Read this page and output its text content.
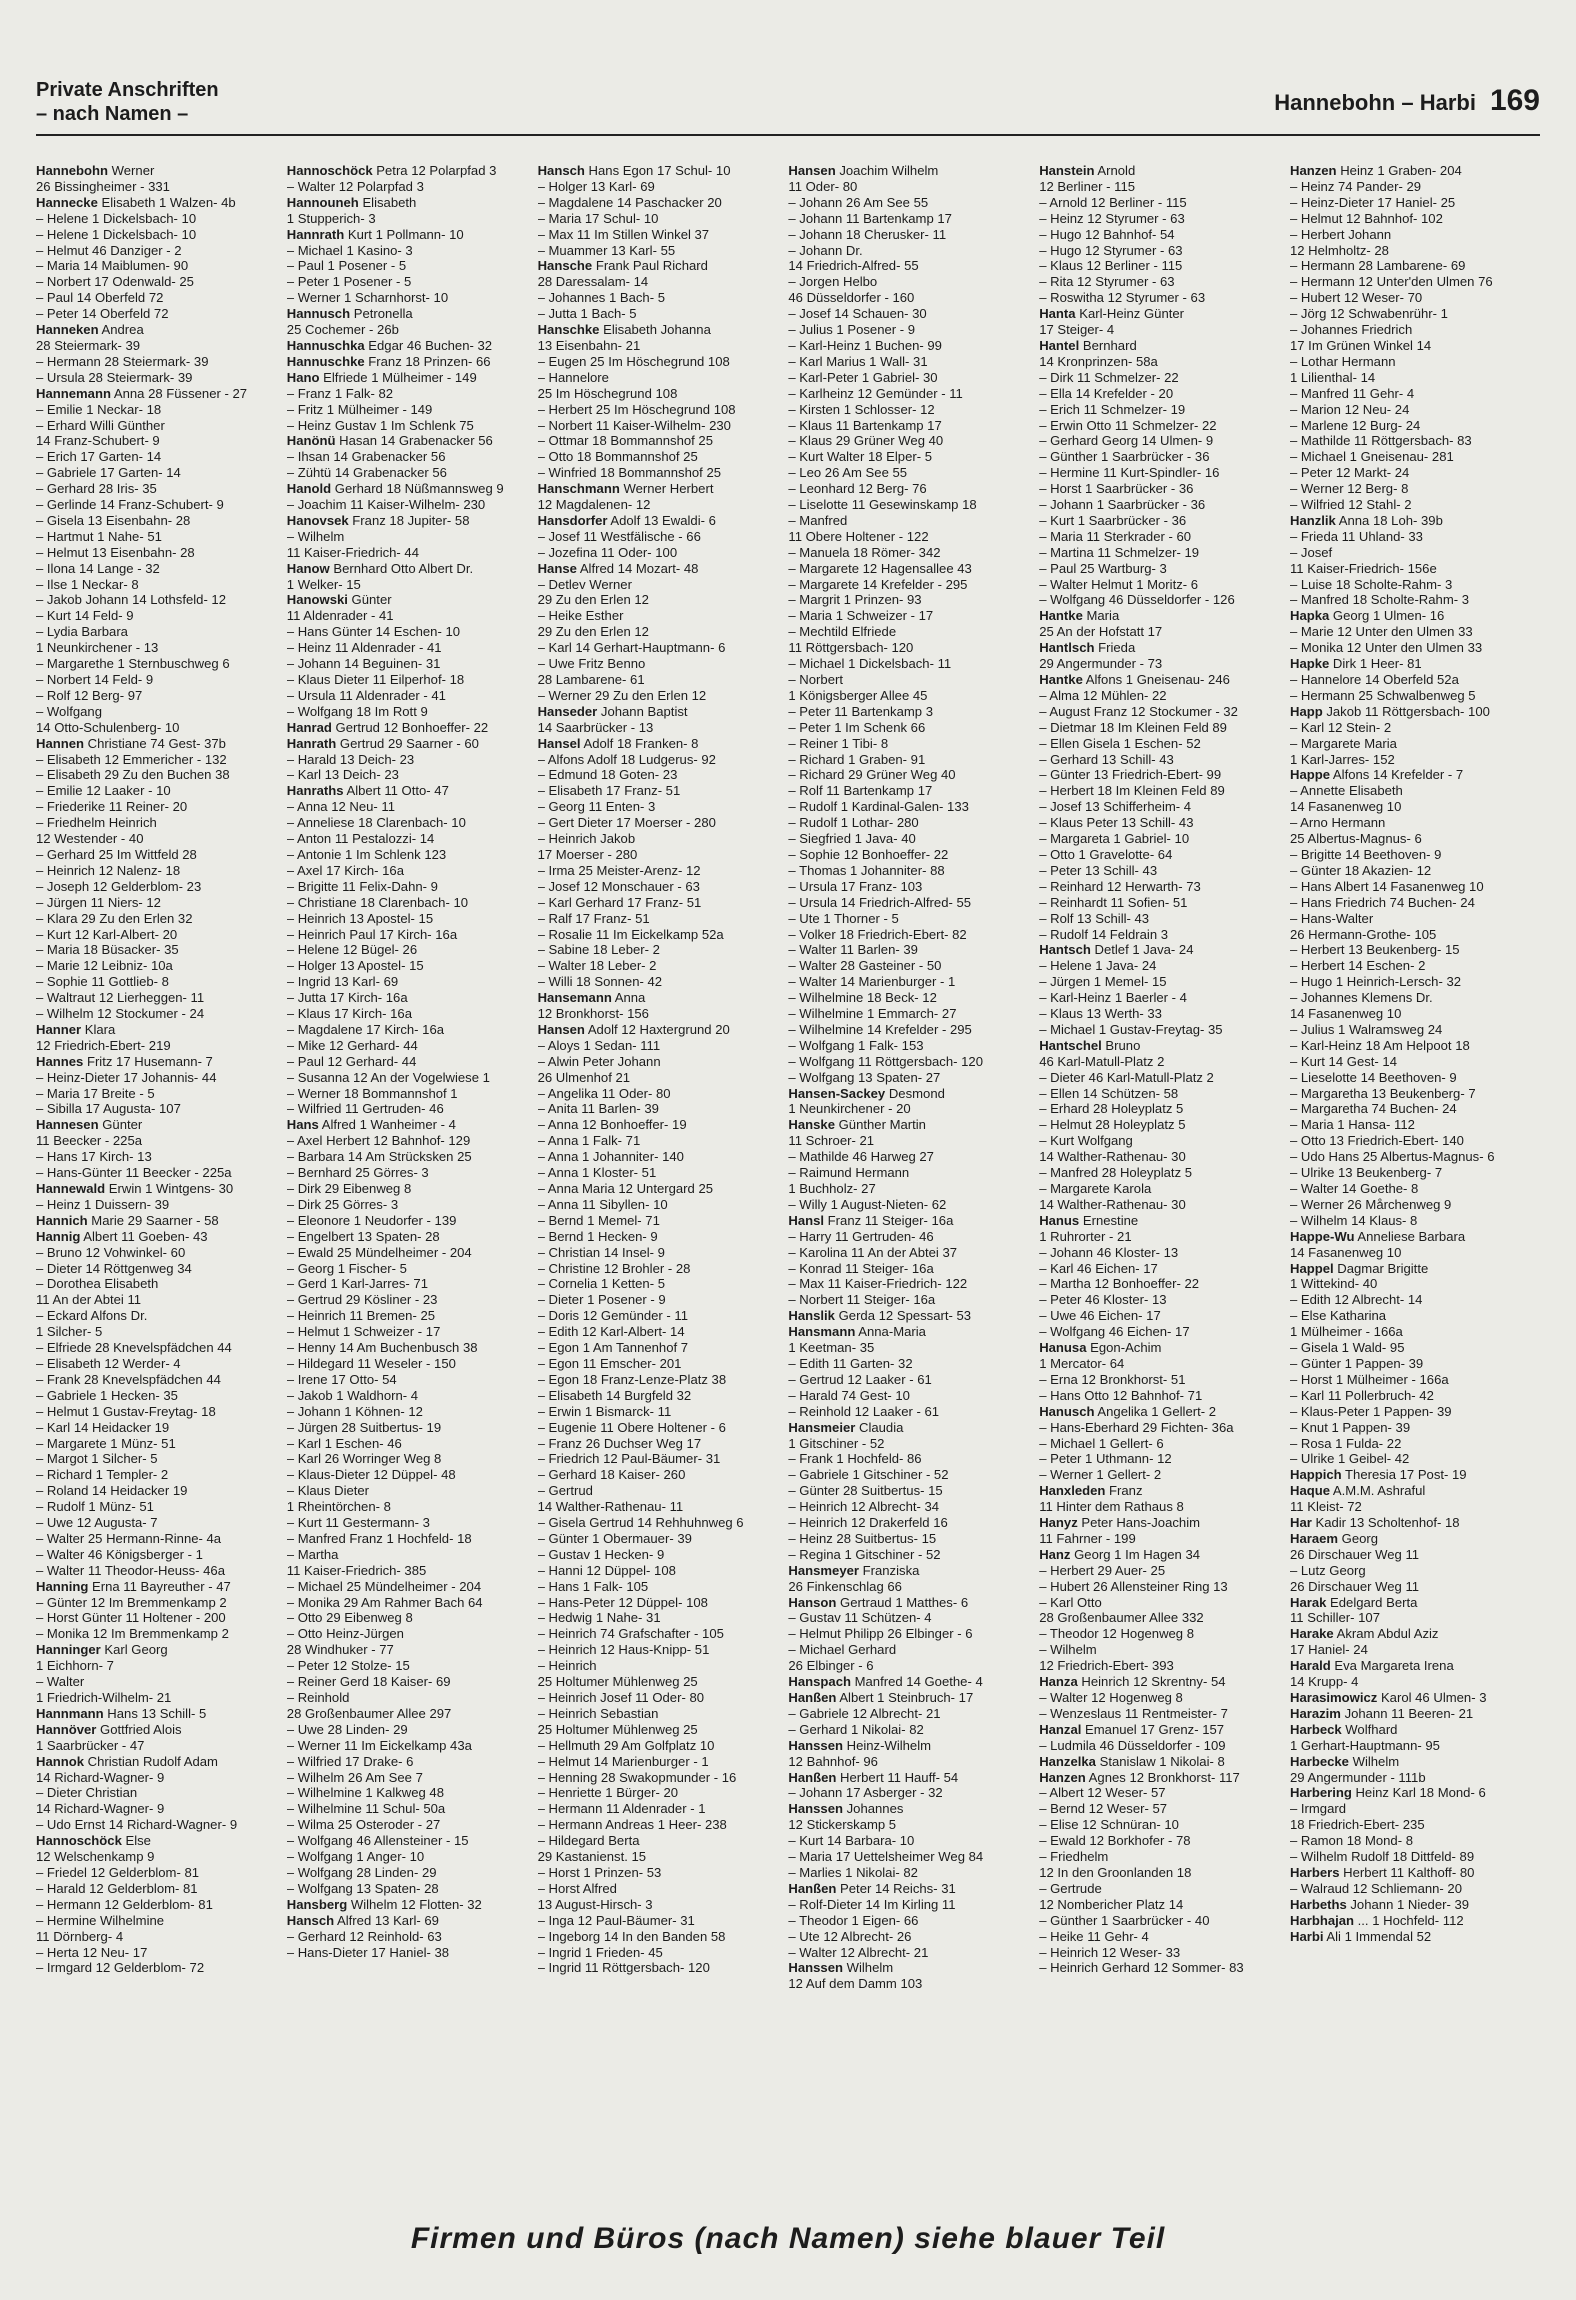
Private Anschriften
– nach Namen –	Hannebohn – Harbi 169
Hannebohn Werner
26 Bissingheimer - 331
Hannecke Elisabeth 1 Walzen- 4b
– Helene 1 Dickelsbach- 10
– Helene 1 Dickelsbach- 10
– Helmut 46 Danziger - 2
– Maria 14 Maiblumen- 90
– Norbert 17 Odenwald- 25
– Paul 14 Oberfeld 72
– Peter 14 Oberfeld 72
Hanneken Andrea
28 Steiermark- 39
– Hermann 28 Steiermark- 39
– Ursula 28 Steiermark- 39
Hannemann Anna 28 Füssener - 27
– Emilie 1 Neckar- 18
– Erhard Willi Günther
14 Franz-Schubert- 9
– Erich 17 Garten- 14
– Gabriele 17 Garten- 14
– Gerhard 28 Iris- 35
– Gerlinde 14 Franz-Schubert- 9
– Gisela 13 Eisenbahn- 28
– Hartmut 1 Nahe- 51
– Helmut 13 Eisenbahn- 28
– Ilona 14 Lange - 32
– Ilse 1 Neckar- 8
– Jakob Johann 14 Lothsfeld- 12
– Kurt 14 Feld- 9
– Lydia Barbara
1 Neunkirchener - 13
– Margarethe 1 Sternbuschweg 6
– Norbert 14 Feld- 9
– Rolf 12 Berg- 97
– Wolfgang
14 Otto-Schulenberg- 10
Hannen Christiane 74 Gest- 37b
– Elisabeth 12 Emmericher - 132
– Elisabeth 29 Zu den Buchen 38
– Emilie 12 Laaker - 10
– Friederike 11 Reiner- 20
– Friedhelm Heinrich
12 Westender - 40
– Gerhard 25 Im Wittfeld 28
– Heinrich 12 Nalenz- 18
– Joseph 12 Gelderblom- 23
– Jürgen 11 Niers- 12
– Klara 29 Zu den Erlen 32
– Kurt 12 Karl-Albert- 20
– Maria 18 Büsacker- 35
– Marie 12 Leibniz- 10a
– Sophie 11 Gottlieb- 8
– Waltraut 12 Lierheggen- 11
– Wilhelm 12 Stockumer - 24
Hanner Klara
12 Friedrich-Ebert- 219
Hannes Fritz 17 Husemann- 7
– Heinz-Dieter 17 Johannis- 44
– Maria 17 Breite - 5
– Sibilla 17 Augusta- 107
Hannesen Günter
11 Beecker - 225a
– Hans 17 Kirch- 13
– Hans-Günter 11 Beecker - 225a
Hannewald Erwin 1 Wintgens- 30
– Heinz 1 Duissern- 39
Hannich Marie 29 Saarner - 58
Hannig Albert 11 Goeben- 43
– Bruno 12 Vohwinkel- 60
– Dieter 14 Röttgenweg 34
– Dorothea Elisabeth
11 An der Abtei 11
– Eckard Alfons Dr.
1 Silcher- 5
– Elfriede 28 Knevelspfädchen 44
– Elisabeth 12 Werder- 4
– Frank 28 Knevelspfädchen 44
– Gabriele 1 Hecken- 35
– Helmut 1 Gustav-Freytag- 18
– Karl 14 Heidacker 19
– Margarete 1 Münz- 51
– Margot 1 Silcher- 5
– Richard 1 Templer- 2
– Roland 14 Heidacker 19
– Rudolf 1 Münz- 51
– Uwe 12 Augusta- 7
– Walter 25 Hermann-Rinne- 4a
– Walter 46 Königsberger - 1
– Walter 11 Theodor-Heuss- 46a
Hanning Erna 11 Bayreuther - 47
– Günter 12 Im Bremmenkamp 2
– Horst Günter 11 Holtener - 200
– Monika 12 Im Bremmenkamp 2
Hanninger Karl Georg
1 Eichhorn- 7
– Walter
1 Friedrich-Wilhelm- 21
Hannmann Hans 13 Schill- 5
Hannöver Gottfried Alois
1 Saarbrücker - 47
Hannok Christian Rudolf Adam
14 Richard-Wagner- 9
– Dieter Christian
14 Richard-Wagner- 9
– Udo Ernst 14 Richard-Wagner- 9
Hannoschöck Else
12 Welschenkamp 9
– Friedel 12 Gelderblom- 81
– Harald 12 Gelderblom- 81
– Hermann 12 Gelderblom- 81
– Hermine Wilhelmine
11 Dörnberg- 4
– Herta 12 Neu- 17
– Irmgard 12 Gelderblom- 72
Hannoschöck Petra 12 Polarpfad 3
– Walter 12 Polarpfad 3
Hannouneh Elisabeth
1 Stupperich- 3
Hannrath Kurt 1 Pollmann- 10
– Michael 1 Kasino- 3
– Paul 1 Posener - 5
– Peter 1 Posener - 5
– Werner 1 Scharnhorst- 10
Hannusch Petronella
25 Cochemer - 26b
Hannuschka Edgar 46 Buchen- 32
Hannuschke Franz 18 Prinzen- 66
Hano Elfriede 1 Mülheimer - 149
– Franz 1 Falk- 82
– Fritz 1 Mülheimer - 149
– Heinz Gustav 1 Im Schlenk 75
Hanönü Hasan 14 Grabenacker 56
– Ihsan 14 Grabenacker 56
– Zühtü 14 Grabenacker 56
Hanold Gerhard 18 Nüßmannsweg 9
– Joachim 11 Kaiser-Wilhelm- 230
Hanovsek Franz 18 Jupiter- 58
– Wilhelm
11 Kaiser-Friedrich- 44
Hanow Bernhard Otto Albert Dr.
1 Welker- 15
Hanowski Günter
11 Aldenrader - 41
– Hans Günter 14 Eschen- 10
– Heinz 11 Aldenrader - 41
– Johann 14 Beguinen- 31
– Klaus Dieter 11 Eilperhof- 18
– Ursula 11 Aldenrader - 41
– Wolfgang 18 Im Rott 9
Hanrad Gertrud 12 Bonhoeffer- 22
Hanrath Gertrud 29 Saarner - 60
– Harald 13 Deich- 23
– Karl 13 Deich- 23
Hanraths Albert 11 Otto- 47
– Anna 12 Neu- 11
– Anneliese 18 Clarenbach- 10
– Anton 11 Pestalozzi- 14
– Antonie 1 Im Schlenk 123
– Axel 17 Kirch- 16a
– Brigitte 11 Felix-Dahn- 9
– Christiane 18 Clarenbach- 10
– Heinrich 13 Apostel- 15
– Heinrich Paul 17 Kirch- 16a
– Helene 12 Bügel- 26
– Holger 13 Apostel- 15
– Ingrid 13 Karl- 69
– Jutta 17 Kirch- 16a
– Klaus 17 Kirch- 16a
– Magdalene 17 Kirch- 16a
– Mike 12 Gerhard- 44
– Paul 12 Gerhard- 44
– Susanna 12 An der Vogelwiese 1
– Werner 18 Bommannshof 1
– Wilfried 11 Gertruden- 46
Hans Alfred 1 Wanheimer - 4
– Axel Herbert 12 Bahnhof- 129
– Barbara 14 Am Strücksken 25
– Bernhard 25 Görres- 3
– Dirk 29 Eibenweg 8
– Dirk 25 Görres- 3
– Eleonore 1 Neudorfer - 139
– Engelbert 13 Spaten- 28
– Ewald 25 Mündelheimer - 204
– Georg 1 Fischer- 5
– Gerd 1 Karl-Jarres- 71
– Gertrud 29 Kösliner - 23
– Heinrich 11 Bremen- 25
– Helmut 1 Schweizer - 17
– Henny 14 Am Buchenbusch 38
– Hildegard 11 Weseler - 150
– Irene 17 Otto- 54
– Jakob 1 Waldhorn- 4
– Johann 1 Köhnen- 12
– Jürgen 28 Suitbertus- 19
– Karl 1 Eschen- 46
– Karl 26 Worringer Weg 8
– Klaus-Dieter 12 Düppel- 48
– Klaus Dieter
1 Rheintörchen- 8
– Kurt 11 Gestermann- 3
– Manfred Franz 1 Hochfeld- 18
– Martha
11 Kaiser-Friedrich- 385
– Michael 25 Mündelheimer - 204
– Monika 29 Am Rahmer Bach 64
– Otto 29 Eibenweg 8
– Otto Heinz-Jürgen
28 Windhuker - 77
– Peter 12 Stolze- 15
– Reiner Gerd 18 Kaiser- 69
– Reinhold
28 Großenbaumer Allee 297
– Uwe 28 Linden- 29
– Werner 11 Im Eickelkamp 43a
– Wilfried 17 Drake- 6
– Wilhelm 26 Am See 7
– Wilhelmine 1 Kalkweg 48
– Wilhelmine 11 Schul- 50a
– Wilma 25 Osteroder - 27
– Wolfgang 46 Allensteiner - 15
– Wolfgang 1 Anger- 10
– Wolfgang 28 Linden- 29
– Wolfgang 13 Spaten- 28
Hansberg Wilhelm 12 Flotten- 32
Hansch Alfred 13 Karl- 69
– Gerhard 12 Reinhold- 63
– Hans-Dieter 17 Haniel- 38
Hansch Hans Egon 17 Schul- 10
– Holger 13 Karl- 69
– Magdalene 14 Paschacker 20
– Maria 17 Schul- 10
– Max 11 Im Stillen Winkel 37
– Muammer 13 Karl- 55
Hansche Frank Paul Richard
28 Daressalam- 14
– Johannes 1 Bach- 5
– Jutta 1 Bach- 5
Hanschke Elisabeth Johanna
13 Eisenbahn- 21
– Eugen 25 Im Höschegrund 108
– Hannelore
25 Im Höschegrund 108
– Herbert 25 Im Höschegrund 108
– Norbert 11 Kaiser-Wilhelm- 230
– Ottmar 18 Bommannshof 25
– Otto 18 Bommannshof 25
– Winfried 18 Bommannshof 25
Hanschmann Werner Herbert
12 Magdalenen- 12
Hansdorfer Adolf 13 Ewaldi- 6
– Josef 11 Westfälische - 66
– Jozefina 11 Oder- 100
Hanse Alfred 14 Mozart- 48
– Detlev Werner
29 Zu den Erlen 12
– Heike Esther
29 Zu den Erlen 12
– Karl 14 Gerhart-Hauptmann- 6
– Uwe Fritz Benno
28 Lambarene- 61
– Werner 29 Zu den Erlen 12
Hanseder Johann Baptist
14 Saarbrücker - 13
Hansel Adolf 18 Franken- 8
– Alfons Adolf 18 Ludgerus- 92
– Edmund 18 Goten- 23
– Elisabeth 17 Franz- 51
– Georg 11 Enten- 3
– Gert Dieter 17 Moerser - 280
– Heinrich Jakob
17 Moerser - 280
– Irma 25 Meister-Arenz- 12
– Josef 12 Monschauer - 63
– Karl Gerhard 17 Franz- 51
– Ralf 17 Franz- 51
– Rosalie 11 Im Eickelkamp 52a
– Sabine 18 Leber- 2
– Walter 18 Leber- 2
– Willi 18 Sonnen- 42
Hansemann Anna
12 Bronkhorst- 156
Hansen Adolf 12 Haxtergrund 20
– Aloys 1 Sedan- 111
– Alwin Peter Johann
26 Ulmenhof 21
– Angelika 11 Oder- 80
– Anita 11 Barlen- 39
– Anna 12 Bonhoeffer- 19
– Anna 1 Falk- 71
– Anna 1 Johanniter- 140
– Anna 1 Kloster- 51
– Anna Maria 12 Untergard 25
– Anna 11 Sibyllen- 10
– Bernd 1 Memel- 71
– Bernd 1 Hecken- 9
– Christian 14 Insel- 9
– Christine 12 Brohler - 28
– Cornelia 1 Ketten- 5
– Dieter 1 Posener - 9
– Doris 12 Gemünder - 11
– Edith 12 Karl-Albert- 14
– Egon 1 Am Tannenhof 7
– Egon 11 Emscher- 201
– Egon 18 Franz-Lenze-Platz 38
– Elisabeth 14 Burgfeld 32
– Erwin 1 Bismarck- 11
– Eugenie 11 Obere Holtener - 6
– Franz 26 Duchser Weg 17
– Friedrich 12 Paul-Bäumer- 31
– Gerhard 18 Kaiser- 260
– Gertrud
14 Walther-Rathenau- 11
– Gisela Gertrud 14 Rehhuhnweg 6
– Günter 1 Obermauer- 39
– Gustav 1 Hecken- 9
– Hanni 12 Düppel- 108
– Hans 1 Falk- 105
– Hans-Peter 12 Düppel- 108
– Hedwig 1 Nahe- 31
– Heinrich 74 Grafschafter - 105
– Heinrich 12 Haus-Knipp- 51
– Heinrich
25 Holtumer Mühlenweg 25
– Heinrich Josef 11 Oder- 80
– Heinrich Sebastian
25 Holtumer Mühlenweg 25
– Hellmuth 29 Am Golfplatz 10
– Helmut 14 Marienburger - 1
– Henning 28 Swakopmunder - 16
– Henriette 1 Bürger- 20
– Hermann 11 Aldenrader - 1
– Hermann Andreas 1 Heer- 238
– Hildegard Berta
29 Kastanienst. 15
– Horst 1 Prinzen- 53
– Horst Alfred
13 August-Hirsch- 3
– Inga 12 Paul-Bäumer- 31
– Ingeborg 14 In den Banden 58
– Ingrid 1 Frieden- 45
– Ingrid 11 Röttgersbach- 120
Hansen Joachim Wilhelm
11 Oder- 80
– Johann 26 Am See 55
– Johann 11 Bartenkamp 17
– Johann 18 Cherusker- 11
– Johann Dr.
14 Friedrich-Alfred- 55
– Jorgen Helbo
46 Düsseldorfer - 160
– Josef 14 Schauen- 30
– Julius 1 Posener - 9
– Karl-Heinz 1 Buchen- 99
– Karl Marius 1 Wall- 31
– Karl-Peter 1 Gabriel- 30
– Karlheinz 12 Gemünder - 11
– Kirsten 1 Schlosser- 12
– Klaus 11 Bartenkamp 17
– Klaus 29 Grüner Weg 40
– Kurt Walter 18 Elper- 5
– Leo 26 Am See 55
– Leonhard 12 Berg- 76
– Liselotte 11 Gesewinskamp 18
– Manfred
11 Obere Holtener - 122
– Manuela 18 Römer- 342
– Margarete 12 Hagensallee 43
– Margarete 14 Krefelder - 295
– Margrit 1 Prinzen- 93
– Maria 1 Schweizer - 17
– Mechtild Elfriede
11 Röttgersbach- 120
– Michael 1 Dickelsbach- 11
– Norbert
1 Königsberger Allee 45
– Peter 11 Bartenkamp 3
– Peter 1 Im Schenk 66
– Reiner 1 Tibi- 8
– Richard 1 Graben- 91
– Richard 29 Grüner Weg 40
– Rolf 11 Bartenkamp 17
– Rudolf 1 Kardinal-Galen- 133
– Rudolf 1 Lothar- 280
– Siegfried 1 Java- 40
– Sophie 12 Bonhoeffer- 22
– Thomas 1 Johanniter- 88
– Ursula 17 Franz- 103
– Ursula 14 Friedrich-Alfred- 55
– Ute 1 Thorner - 5
– Volker 18 Friedrich-Ebert- 82
– Walter 11 Barlen- 39
– Walter 28 Gasteiner - 50
– Walter 14 Marienburger - 1
– Wilhelmine 18 Beck- 12
– Wilhelmine 1 Emmarch- 27
– Wilhelmine 14 Krefelder - 295
– Wolfgang 1 Falk- 153
– Wolfgang 11 Röttgersbach- 120
– Wolfgang 13 Spaten- 27
Hansen-Sackey Desmond
1 Neunkirchener - 20
Hanske Günther Martin
11 Schroer- 21
– Mathilde 46 Harweg 27
– Raimund Hermann
1 Buchholz- 27
– Willy 1 August-Nieten- 62
Hansl Franz 11 Steiger- 16a
– Harry 11 Gertruden- 46
– Karolina 11 An der Abtei 37
– Konrad 11 Steiger- 16a
– Max 11 Kaiser-Friedrich- 122
– Norbert 11 Steiger- 16a
Hanslik Gerda 12 Spessart- 53
Hansmann Anna-Maria
1 Keetman- 35
– Edith 11 Garten- 32
– Gertrud 12 Laaker - 61
– Harald 74 Gest- 10
– Reinhold 12 Laaker - 61
Hansmeier Claudia
1 Gitschiner - 52
– Frank 1 Hochfeld- 86
– Gabriele 1 Gitschiner - 52
– Günter 28 Suitbertus- 15
– Heinrich 12 Albrecht- 34
– Heinrich 12 Drakerfeld 16
– Heinz 28 Suitbertus- 15
– Regina 1 Gitschiner - 52
Hansmeyer Franziska
26 Finkenschlag 66
Hanson Gertraud 1 Matthes- 6
– Gustav 11 Schützen- 4
– Helmut Philipp 26 Elbinger - 6
– Michael Gerhard
26 Elbinger - 6
Hanspach Manfred 14 Goethe- 4
Hanßen Albert 1 Steinbruch- 17
– Gabriele 12 Albrecht- 21
– Gerhard 1 Nikolai- 82
Hanssen Heinz-Wilhelm
12 Bahnhof- 96
Hanßen Herbert 11 Hauff- 54
– Johann 17 Asberger - 32
Hanssen Johannes
12 Stickerskamp 5
– Kurt 14 Barbara- 10
– Maria 17 Uettelsheimer Weg 84
– Marlies 1 Nikolai- 82
Hanßen Peter 14 Reichs- 31
– Rolf-Dieter 14 Im Kirling 11
– Theodor 1 Eigen- 66
– Ute 12 Albrecht- 26
– Walter 12 Albrecht- 21
Hanssen Wilhelm
12 Auf dem Damm 103
Hanstein Arnold
12 Berliner - 115
– Arnold 12 Berliner - 115
– Heinz 12 Styrumer - 63
– Hugo 12 Bahnhof- 54
– Hugo 12 Styrumer - 63
– Klaus 12 Berliner - 115
– Rita 12 Styrumer - 63
– Roswitha 12 Styrumer - 63
Hanta Karl-Heinz Günter
17 Steiger- 4
Hantel Bernhard
14 Kronprinzen- 58a
– Dirk 11 Schmelzer- 22
– Ella 14 Krefelder - 20
– Erich 11 Schmelzer- 19
– Erwin Otto 11 Schmelzer- 22
– Gerhard Georg 14 Ulmen- 9
– Günther 1 Saarbrücker - 36
– Hermine 11 Kurt-Spindler- 16
– Horst 1 Saarbrücker - 36
– Johann 1 Saarbrücker - 36
– Kurt 1 Saarbrücker - 36
– Maria 11 Sterkrader - 60
– Martina 11 Schmelzer- 19
– Paul 25 Wartburg- 3
– Walter Helmut 1 Moritz- 6
– Wolfgang 46 Düsseldorfer - 126
Hantke Maria
25 An der Hofstatt 17
Hantlsch Frieda
29 Angermunder - 73
Hantke Alfons 1 Gneisenau- 246
– Alma 12 Mühlen- 22
– August Franz 12 Stockumer - 32
– Dietmar 18 Im Kleinen Feld 89
– Ellen Gisela 1 Eschen- 52
– Gerhard 13 Schill- 43
– Günter 13 Friedrich-Ebert- 99
– Herbert 18 Im Kleinen Feld 89
– Josef 13 Schifferheim- 4
– Klaus Peter 13 Schill- 43
– Margareta 1 Gabriel- 10
– Otto 1 Gravelotte- 64
– Peter 13 Schill- 43
– Reinhard 12 Herwarth- 73
– Reinhardt 11 Sofien- 51
– Rolf 13 Schill- 43
– Rudolf 14 Feldrain 3
Hantsch Detlef 1 Java- 24
– Helene 1 Java- 24
– Jürgen 1 Memel- 15
– Karl-Heinz 1 Baerler - 4
– Klaus 13 Werth- 33
– Michael 1 Gustav-Freytag- 35
Hantschel Bruno
46 Karl-Matull-Platz 2
– Dieter 46 Karl-Matull-Platz 2
– Ellen 14 Schützen- 58
– Erhard 28 Holeyplatz 5
– Helmut 28 Holeyplatz 5
– Kurt Wolfgang
14 Walther-Rathenau- 30
– Manfred 28 Holeyplatz 5
– Margarete Karola
14 Walther-Rathenau- 30
Hanus Ernestine
1 Ruhrorter - 21
– Johann 46 Kloster- 13
– Karl 46 Eichen- 17
– Martha 12 Bonhoeffer- 22
– Peter 46 Kloster- 13
– Uwe 46 Eichen- 17
– Wolfgang 46 Eichen- 17
Hanusa Egon-Achim
1 Mercator- 64
– Erna 12 Bronkhorst- 51
– Hans Otto 12 Bahnhof- 71
Hanusch Angelika 1 Gellert- 2
– Hans-Eberhard 29 Fichten- 36a
– Michael 1 Gellert- 6
– Peter 1 Uthmann- 12
– Werner 1 Gellert- 2
Hanxleden Franz
11 Hinter dem Rathaus 8
Hanyz Peter Hans-Joachim
11 Fahrner - 199
Hanz Georg 1 Im Hagen 34
– Herbert 29 Auer- 25
– Hubert 26 Allensteiner Ring 13
– Karl Otto
28 Großenbaumer Allee 332
– Theodor 12 Hogenweg 8
– Wilhelm
12 Friedrich-Ebert- 393
Hanza Heinrich 12 Skrentny- 54
– Walter 12 Hogenweg 8
– Wenzeslaus 11 Rentmeister- 7
Hanzal Emanuel 17 Grenz- 157
– Ludmila 46 Düsseldorfer - 109
Hanzelka Stanislaw 1 Nikolai- 8
Hanzen Agnes 12 Bronkhorst- 117
– Albert 12 Weser- 57
– Bernd 12 Weser- 57
– Elise 12 Schnüran- 10
– Ewald 12 Borkhofer - 78
– Friedhelm
12 In den Groonlanden 18
– Gertrude
12 Nombericher Platz 14
– Günther 1 Saarbrücker - 40
– Heike 11 Gehr- 4
– Heinrich 12 Weser- 33
– Heinrich Gerhard 12 Sommer- 83
Hanzen Heinz 1 Graben- 204
– Heinz 74 Pander- 29
– Heinz-Dieter 17 Haniel- 25
– Helmut 12 Bahnhof- 102
– Herbert Johann
12 Helmholtz- 28
– Hermann 28 Lambarene- 69
– Hermann 12 Unter'den Ulmen 76
– Hubert 12 Weser- 70
– Jörg 12 Schwabenrühr- 1
– Johannes Friedrich
17 Im Grünen Winkel 14
– Lothar Hermann
1 Lilienthal- 14
– Manfred 11 Gehr- 4
– Marion 12 Neu- 24
– Marlene 12 Burg- 24
– Mathilde 11 Röttgersbach- 83
– Michael 1 Gneisenau- 281
– Peter 12 Markt- 24
– Werner 12 Berg- 8
– Wilfried 12 Stahl- 2
Hanzlik Anna 18 Loh- 39b
– Frieda 11 Uhland- 33
– Josef
11 Kaiser-Friedrich- 156e
– Luise 18 Scholte-Rahm- 3
– Manfred 18 Scholte-Rahm- 3
Hapka Georg 1 Ulmen- 16
– Marie 12 Unter den Ulmen 33
– Monika 12 Unter den Ulmen 33
Hapke Dirk 1 Heer- 81
– Hannelore 14 Oberfeld 52a
– Hermann 25 Schwalbenweg 5
Happ Jakob 11 Röttgersbach- 100
– Karl 12 Stein- 2
– Margarete Maria
1 Karl-Jarres- 152
Happe Alfons 14 Krefelder - 7
– Annette Elisabeth
14 Fasanenweg 10
– Arno Hermann
25 Albertus-Magnus- 6
– Brigitte 14 Beethoven- 9
– Günter 18 Akazien- 12
– Hans Albert 14 Fasanenweg 10
– Hans Friedrich 74 Buchen- 24
– Hans-Walter
26 Hermann-Grothe- 105
– Herbert 13 Beukenberg- 15
– Herbert 14 Eschen- 2
– Hugo 1 Heinrich-Lersch- 32
– Johannes Klemens Dr.
14 Fasanenweg 10
– Julius 1 Walramsweg 24
– Karl-Heinz 18 Am Helpoot 18
– Kurt 14 Gest- 14
– Lieselotte 14 Beethoven- 9
– Margaretha 13 Beukenberg- 7
– Margaretha 74 Buchen- 24
– Maria 1 Hansa- 112
– Otto 13 Friedrich-Ebert- 140
– Udo Hans 25 Albertus-Magnus- 6
– Ulrike 13 Beukenberg- 7
– Walter 14 Goethe- 8
– Werner 26 Mårchenweg 9
– Wilhelm 14 Klaus- 8
Happe-Wu Anneliese Barbara
14 Fasanenweg 10
Happel Dagmar Brigitte
1 Wittekind- 40
– Edith 12 Albrecht- 14
– Else Katharina
1 Mülheimer - 166a
– Gisela 1 Wald- 95
– Günter 1 Pappen- 39
– Horst 1 Mülheimer - 166a
– Karl 11 Pollerbruch- 42
– Klaus-Peter 1 Pappen- 39
– Knut 1 Pappen- 39
– Rosa 1 Fulda- 22
– Ulrike 1 Geibel- 42
Happich Theresia 17 Post- 19
Haque A.M.M. Ashraful
11 Kleist- 72
Har Kadir 13 Scholtenhof- 18
Haraem Georg
26 Dirschauer Weg 11
– Lutz Georg
26 Dirschauer Weg 11
Harak Edelgard Berta
11 Schiller- 107
Harake Akram Abdul Aziz
17 Haniel- 24
Harald Eva Margareta Irena
14 Krupp- 4
Harasimowicz Karol 46 Ulmen- 3
Harazim Johann 11 Beeren- 21
Harbeck Wolfhard
1 Gerhart-Hauptmann- 95
Harbecke Wilhelm
29 Angermunder - 111b
Harbering Heinz Karl 18 Mond- 6
– Irmgard
18 Friedrich-Ebert- 235
– Ramon 18 Mond- 8
– Wilhelm Rudolf 18 Dittfeld- 89
Harbers Herbert 11 Kalthoff- 80
– Walraud 12 Schliemann- 20
Harbeths Johann 1 Nieder- 39
Harbhajan ... 1 Hochfeld- 112
Harbi Ali 1 Immendal 52
Firmen und Büros (nach Namen) siehe blauer Teil
